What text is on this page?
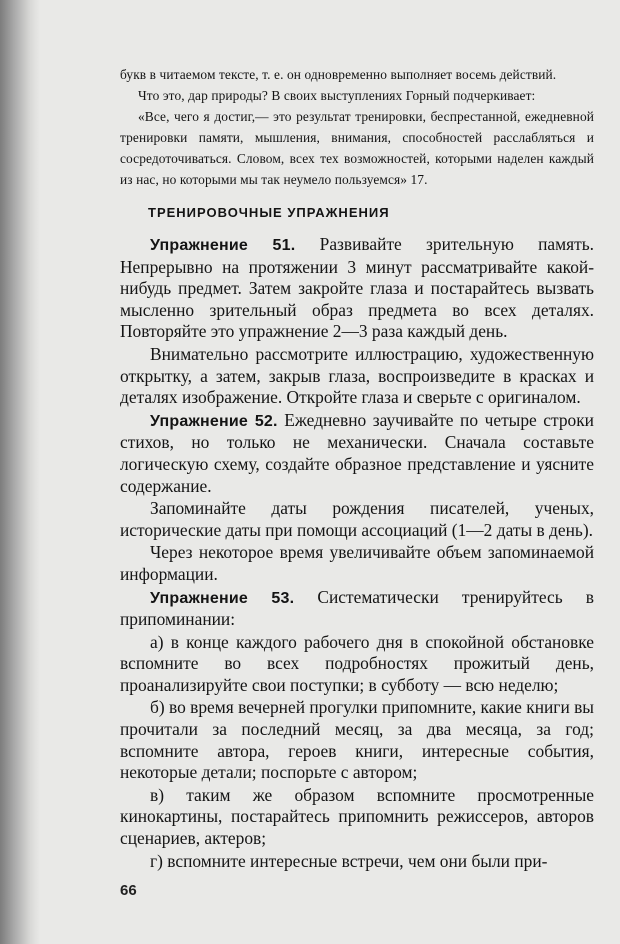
букв в читаемом тексте, т. е. он одновременно выполняет восемь действий.

Что это, дар природы? В своих выступлениях Горный подчеркивает:

«Все, чего я достиг,— это результат тренировки, беспрестанной, ежедневной тренировки памяти, мышления, внимания, способностей расслабляться и сосредоточиваться. Словом, всех тех возможностей, которыми наделен каждый из нас, но которыми мы так неумело пользуемся» 17.

ТРЕНИРОВОЧНЫЕ УПРАЖНЕНИЯ

Упражнение 51. Развивайте зрительную память. Непрерывно на протяжении 3 минут рассматривайте какой-нибудь предмет. Затем закройте глаза и постарайтесь вызвать мысленно зрительный образ предмета во всех деталях. Повторяйте это упражнение 2—3 раза каждый день.

Внимательно рассмотрите иллюстрацию, художественную открытку, а затем, закрыв глаза, воспроизведите в красках и деталях изображение. Откройте глаза и сверьте с оригиналом.

Упражнение 52. Ежедневно заучивайте по четыре строки стихов, но только не механически. Сначала составьте логическую схему, создайте образное представление и уясните содержание.

Запоминайте даты рождения писателей, ученых, исторические даты при помощи ассоциаций (1—2 даты в день).

Через некоторое время увеличивайте объем запоминаемой информации.

Упражнение 53. Систематически тренируйтесь в припоминании:

а) в конце каждого рабочего дня в спокойной обстановке вспомните во всех подробностях прожитый день, проанализируйте свои поступки; в субботу — всю неделю;

б) во время вечерней прогулки припомните, какие книги вы прочитали за последний месяц, за два месяца, за год; вспомните автора, героев книги, интересные события, некоторые детали; поспорьте с автором;

в) таким же образом вспомните просмотренные кинокартины, постарайтесь припомнить режиссеров, авторов сценариев, актеров;

г) вспомните интересные встречи, чем они были при-

66
